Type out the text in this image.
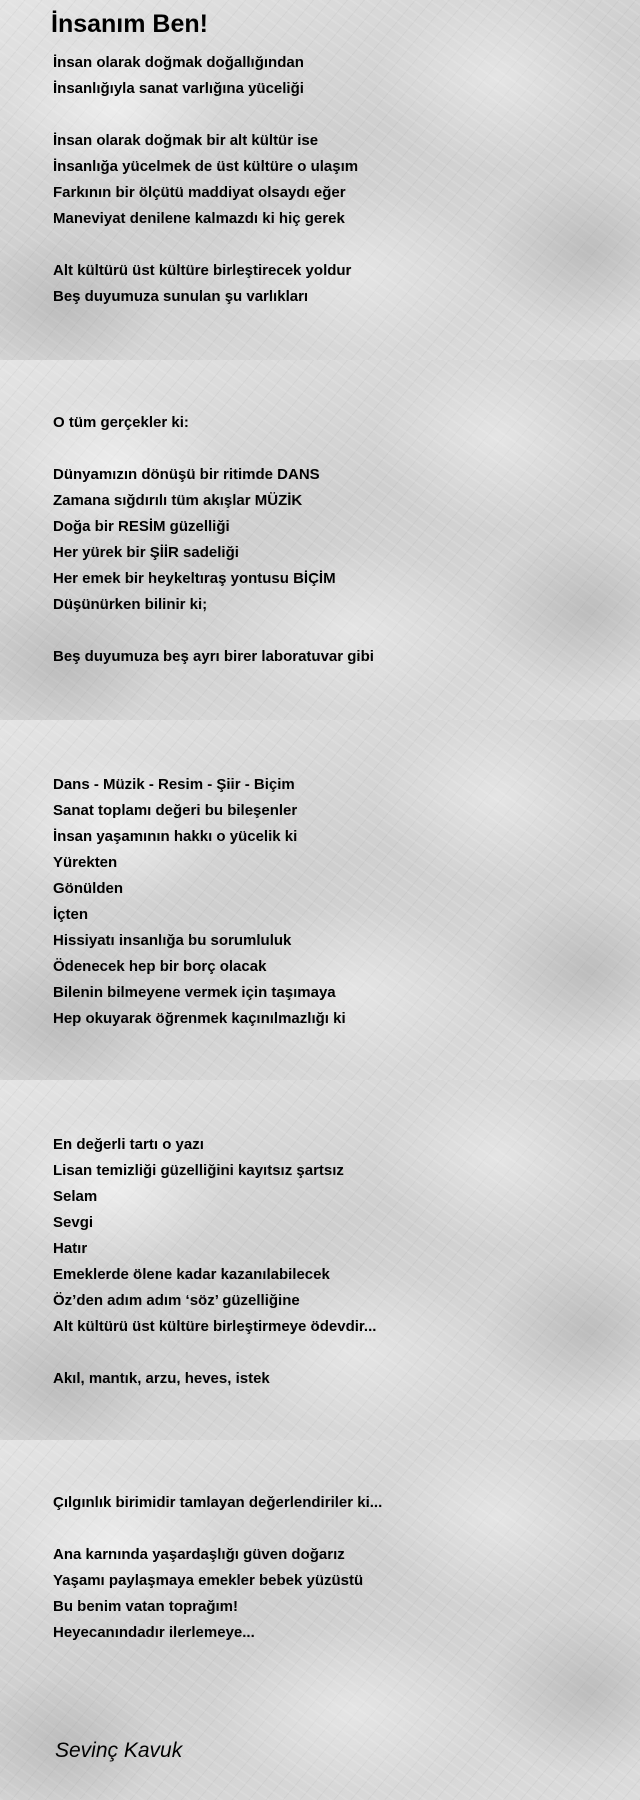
İnsanım Ben!
İnsan olarak doğmak doğallığından
İnsanlığıyla sanat varlığına yüceliği
İnsan olarak doğmak bir alt kültür ise
İnsanlığa yücelmek de üst kültüre o ulaşım
Farkının bir ölçütü maddiyat olsaydı eğer
Maneviyat denilene kalmazdı ki hiç gerek
Alt kültürü üst kültüre birleştirecek yoldur
Beş duyumuza sunulan şu varlıkları
O tüm gerçekler ki:
Dünyamızın dönüşü bir ritimde DANS
Zamana sığdırılı tüm akışlar MÜZİK
Doğa bir RESİM güzelliği
Her yürek bir ŞİİR sadeliği
Her emek bir heykeltıraş yontusu BİÇİM
Düşünürken bilinir ki;
Beş duyumuza beş ayrı birer laboratuvar gibi
Dans - Müzik - Resim - Şiir - Biçim
Sanat toplamı değeri bu bileşenler
İnsan yaşamının hakkı o yücelik ki
Yürekten
Gönülden
İçten
Hissiyatı insanlığa bu sorumluluk
Ödenecek hep bir borç olacak
Bilenin bilmeyene vermek için taşımaya
Hep okuyarak öğrenmek kaçınılmazlığı ki
En değerli tartı o yazı
Lisan temizliği güzelliğini kayıtsız şartsız
Selam
Sevgi
Hatır
Emeklerde ölene kadar kazanılabilecek
Öz’den adım adım ‘söz’ güzelliğine
Alt kültürü üst kültüre birleştirmeye ödevdir...
Akıl, mantık, arzu, heves, istek
Çılgınlık birimidir tamlayan değerlendiriler ki...
Ana karnında yaşardaşlığı güven doğarız
Yaşamı paylaşmaya emekler bebek yüzüstü
Bu benim vatan toprağım!
Heyecanındadır ilerlemeye...
Sevinç Kavuk
